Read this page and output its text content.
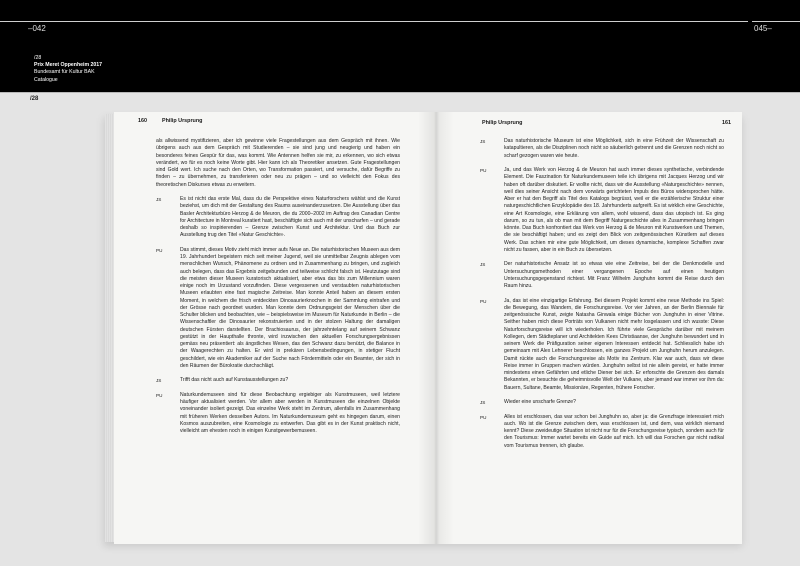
–042	045–
/28
Prix Meret Oppenheim 2017
Bundesamt für Kultur BAK
Catalogue
/28
160	Philip Ursprung
als allwissend mystifizieren, aber ich gewinne viele Fragestellungen aus dem Gespräch mit ihnen. Wie übrigens auch aus dem Gespräch mit Studierenden – sie sind jung und neugierig und haben ein besonderes feines Gespür für das, was kommt. Wie Antennen helfen sie mir, zu erkennen, wo sich etwas verändert, wo für es noch keine Worte gibt. Hier kann ich als Theoretiker ansetzen. Gute Fragestellungen sind Gold wert. Ich suche nach den Orten, wo Transformation passiert, und versuche, dafür Begriffe zu finden – zu übernehmen, zu transferieren oder neu zu prägen – und so vielleicht den Fokus des theoretischen Diskurses etwas zu erweitern.
JS	Es ist nicht das erste Mal, dass du die Perspektive eines Naturforschers wählst und die Kunst beziehst, um dich mit der Gestaltung des Raums auseinanderzusetzen. Die Ausstellung über das Basler Architekturbüro Herzog & de Meuron, die du 2000–2002 im Auftrag des Canadian Centre for Architecture in Montreal kuratiert hast, beschäftigte sich auch mit der unscharfen – und gerade deshalb so inspirierenden – Grenze zwischen Kunst und Architektur. Und das Buch zur Ausstellung trug den Titel «Natur Geschichte».
PU	Das stimmt, dieses Motiv zieht mich immer aufs Neue an. Die naturhistorischen Museen aus dem 19. Jahrhundert begeistern mich seit meiner Jugend, weil sie unmittelbar Zeugnis ablegen vom menschlichen Wunsch, Phänomene zu ordnen und in Zusammenhang zu bringen, und zugleich auch belegen, dass das Ergebnis zeitgebunden und teilweise schlicht falsch ist. Heutzutage sind die meisten dieser Museen kuratorisch aktualisiert, aber etwa das bis zum Millennium waren einige noch im Urzustand vorzufinden. Diese vergessenen und verstaubten naturhistorischen Museen erlaubten eine fast magische Zeitreise. Man konnte Anteil haben an diesem ersten Moment, in welchem die frisch entdeckten Dinosaurierknochen in der Sammlung eintrafen und der Grösse nach geordnet wurden. Man konnte dem Ordnungsgeist der Menschen über die Schulter blicken und beobachten, wie – beispielsweise im Museum für Naturkunde in Berlin – die Wissenschaftler die Dinosaurier rekonstruierten und in der stolzen Haltung der damaligen deutschen Fürsten darstellten. Der Brachiosaurus, der jahrzehntelang auf seinem Schwanz gestützt in der Haupthalle thronte, wird inzwischen den aktuellen Forschungsergebnissen gemäss neu präsentiert: als ängstliches Wesen, das den Schwanz dazu benützt, die Balance in der Waagerechten zu halten. Er wird in prekären Lebensbedingungen, in stetiger Flucht geschildert, wie ein Akademiker auf der Suche nach Fördermitteln oder ein Beamter, der sich in den Räumen der Bürokratie durchschlägt.
JS	Trifft das nicht auch auf Kunstausstellungen zu?
PU	Naturkundemuseen sind für diese Beobachtung ergiebiger als Kunstmuseen, weil letztere häufiger aktualisiert werden. Vor allem aber werden in Kunstmuseen die einzelnen Objekte voneinander isoliert gezeigt. Das einzelne Werk steht im Zentrum, allenfalls im Zusammenhang mit früheren Werken desselben Autors. Im Naturkundemuseum geht es hingegen darum, einen Kosmos auszubreiten, eine Kosmologie zu entwerfen. Das gibt es in der Kunst praktisch nicht, vielleicht am ehesten noch in einigen Kunstgewerbemuseen.
Philip Ursprung	161
JS	Das naturhistorische Museum ist eine Möglichkeit, sich in eine Frühzeit der Wissenschaft zu katapultieren, als die Disziplinen noch nicht so säuberlich getrennt und die Grenzen noch nicht so scharf gezogen waren wie heute.
PU	Ja, und das Werk von Herzog & de Meuron hat auch immer dieses synthetische, verbindende Element. Die Faszination für Naturkundemuseen teile ich übrigens mit Jacques Herzog und wir haben oft darüber diskutiert. Er wollte nicht, dass wir die Ausstellung «Naturgeschichte» nennen, weil dies seiner Ansicht nach dem vorwärts gerichteten Impuls des Büros widersprochen hätte. Aber er hat den Begriff als Titel des Katalogs begrüsst, weil er die erzählerische Struktur einer naturgeschichtlichen Enzyklopädie des 18. Jahrhunderts aufgreift. Es ist wirklich eine Geschichte, eine Art Kosmologie, eine Erklärung von allem, wohl wissend, dass das utopisch ist. Es ging darum, so zu tun, als ob man mit dem Begriff Naturgeschichte alles in Zusammenhang bringen könnte. Das Buch konfrontiert das Werk von Herzog & de Meuron mit Kunstwerken und Themen, die sie beschäftigt haben; und es zeigt den Blick von zeitgenössischen Künstlern auf dieses Werk. Das schien mir eine gute Möglichkeit, um dieses dynamische, komplexe Schaffen zwar nicht zu fassen, aber in ein Buch zu übersetzen.
JS	Der naturhistorische Ansatz ist so etwas wie eine Zeitreise, bei der die Denkmodelle und Untersuchungsmethoden einer vergangenen Epoche auf einen heutigen Untersuchungsgegenstand richtest. Mit Franz Wilhelm Junghuhn kommt die Reise durch den Raum hinzu.
PU	Ja, das ist eine einzigartige Erfahrung. Bei diesem Projekt kommt eine neue Methode ins Spiel: die Bewegung, das Wandern, die Forschungsreise. Vor vier Jahren, an der Berlin Biennale für zeitgenössische Kunst, zeigte Natasha Ginwala einige Bücher von Junghuhn in einer Vitrine. Seither haben mich diese Porträts von Vulkanen nicht mehr losgelassen und ich wusste: Diese Naturforschungsreise will ich wiederholen. Ich führte viele Gespräche darüber mit meinem Kollegen, dem Städteplaner und Architekten Kees Christiaanse, der Junghuhn bewundert und in seinem Werk die Präfiguration seiner eigenen Interessen entdeckt hat. Schliesslich habe ich gemeinsam mit Alex Lehnerer beschlossen, ein ganzes Projekt um Junghuhn herum anzulegen. Damit rückte auch die Forschungsreise als Motiv ins Zentrum. Klar war auch, dass wir diese Reise immer in Gruppen machen würden. Junghuhn selbst ist nie allein gereist, er hatte immer mindestens einen Gefährten und etliche Diener bei sich. Er erforschte die Grenzen des damals Bekannten, er besuchte die geheimnisvolle Welt der Vulkane, aber jemand war immer vor ihm da: Bauern, Sultane, Beamte, Missionäre, Regenten, frühere Forscher.
JS	Wieder eine unscharfe Grenze?
PU	Alles ist erschlossen, das war schon bei Junghuhn so, aber ja: die Grenzfrage interessiert mich auch. Wo ist die Grenze zwischen dem, was erschlossen ist, und dem, was wirklich niemand kennt? Diese zweideutige Situation ist nicht nur für die Forschungsreise typisch, sondern auch für den Tourismus: Immer wartet bereits ein Guide auf mich. Ich will das Forschen gar nicht radikal vom Tourismus trennen, ich glaube.
